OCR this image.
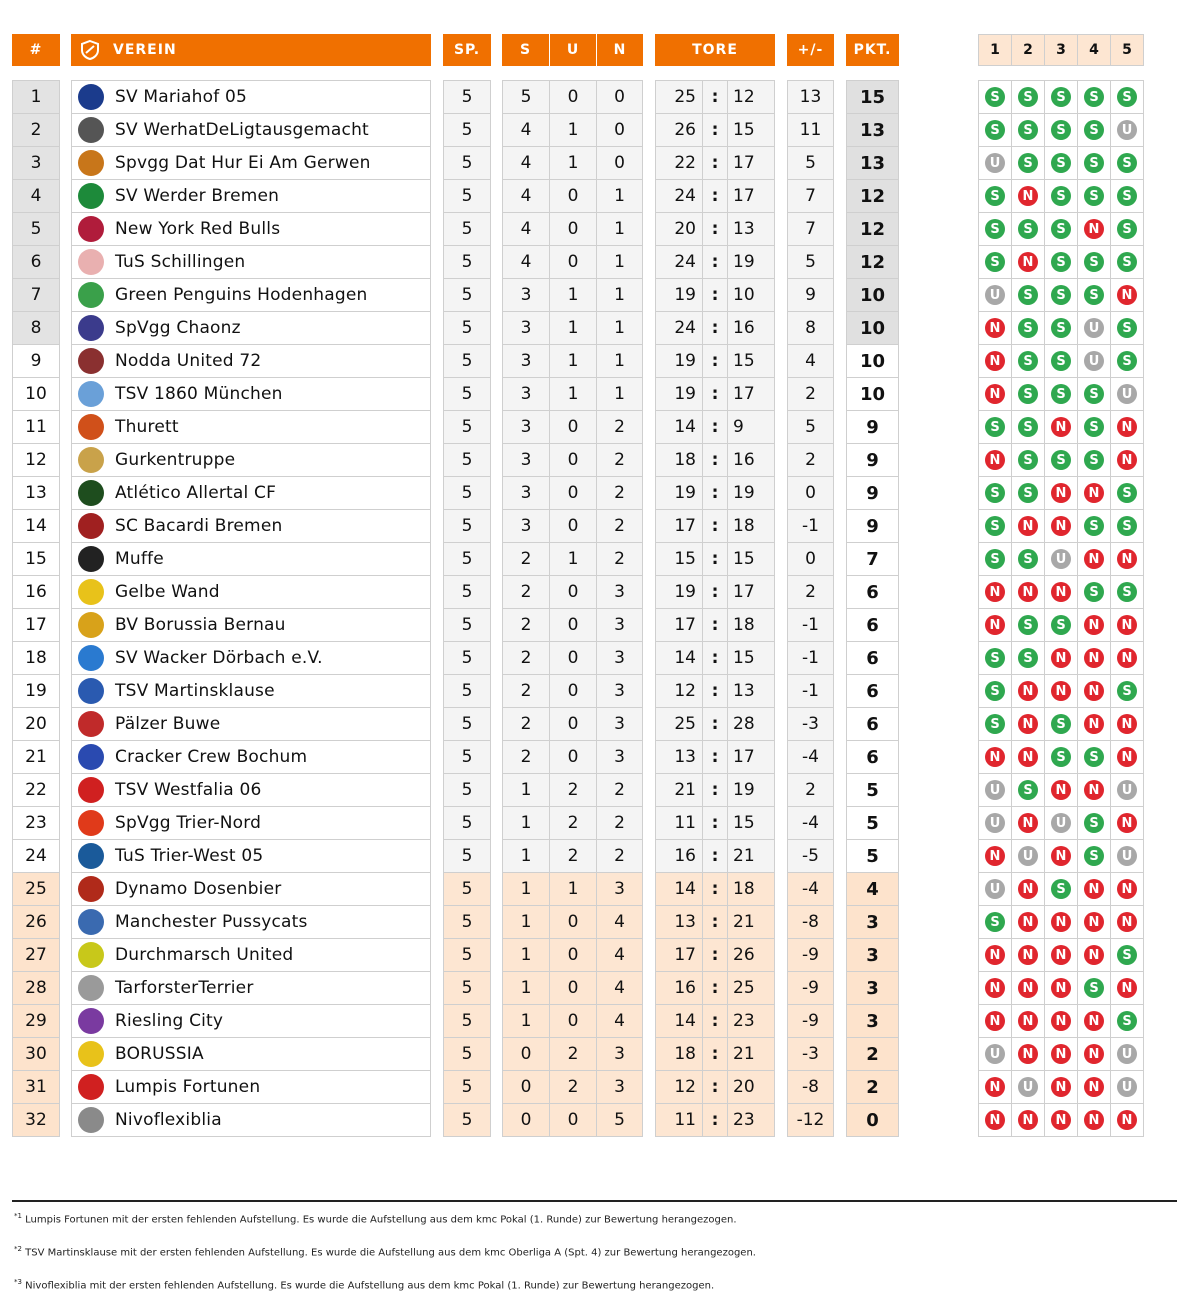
#	VEREIN	SP.	S	U	N	TORE	+/-	PKT.	1	2	3	4	5
1	SV Mariahof 05	5	5	0	0	25 : 12	13	15	S	S	S	S	S
2	SV WerhatDeLigtausgemacht	5	4	1	0	26 : 15	11	13	S	S	S	S	U
3	Spvgg Dat Hur Ei Am Gerwen	5	4	1	0	22 : 17	5	13	U	S	S	S	S
4	SV Werder Bremen	5	4	0	1	24 : 17	7	12	S	N	S	S	S
5	New York Red Bulls	5	4	0	1	20 : 13	7	12	S	S	S	N	S
6	TuS Schillingen	5	4	0	1	24 : 19	5	12	S	N	S	S	S
7	Green Penguins Hodenhagen	5	3	1	1	19 : 10	9	10	U	S	S	S	N
8	SpVgg Chaonz	5	3	1	1	24 : 16	8	10	N	S	S	U	S
9	Nodda United 72	5	3	1	1	19 : 15	4	10	N	S	S	U	S
10	TSV 1860 München	5	3	1	1	19 : 17	2	10	N	S	S	S	U
11	Thurett	5	3	0	2	14 : 9	5	9	S	S	N	S	N
12	Gurkentruppe	5	3	0	2	18 : 16	2	9	N	S	S	S	N
13	Atlético Allertal CF	5	3	0	2	19 : 19	0	9	S	S	N	N	S
14	SC Bacardi Bremen	5	3	0	2	17 : 18	-1	9	S	N	N	S	S
15	Muffe	5	2	1	2	15 : 15	0	7	S	S	U	N	N
16	Gelbe Wand	5	2	0	3	19 : 17	2	6	N	N	N	S	S
17	BV Borussia Bernau	5	2	0	3	17 : 18	-1	6	N	S	S	N	N
18	SV Wacker Dörbach e.V.	5	2	0	3	14 : 15	-1	6	S	S	N	N	N
19	TSV Martinsklause	5	2	0	3	12 : 13	-1	6	S	N	N	N	S
20	Pälzer Buwe	5	2	0	3	25 : 28	-3	6	S	N	S	N	N
21	Cracker Crew Bochum	5	2	0	3	13 : 17	-4	6	N	N	S	S	N
22	TSV Westfalia 06	5	1	2	2	21 : 19	2	5	U	S	N	N	U
23	SpVgg Trier-Nord	5	1	2	2	11 : 15	-4	5	U	N	U	S	N
24	TuS Trier-West 05	5	1	2	2	16 : 21	-5	5	N	U	N	S	U
25	Dynamo Dosenbier	5	1	1	3	14 : 18	-4	4	U	N	S	N	N
26	Manchester Pussycats	5	1	0	4	13 : 21	-8	3	S	N	N	N	N
27	Durchmarsch United	5	1	0	4	17 : 26	-9	3	N	N	N	N	S
28	TarforsterTerrier	5	1	0	4	16 : 25	-9	3	N	N	N	S	N
29	Riesling City	5	1	0	4	14 : 23	-9	3	N	N	N	N	S
30	BORUSSIA	5	0	2	3	18 : 21	-3	2	U	N	N	N	U
31	Lumpis Fortunen	5	0	2	3	12 : 20	-8	2	N	U	N	N	U
32	Nivoflexiblia	5	0	0	5	11 : 23	-12	0	N	N	N	N	N
$^{*1}$ Lumpis Fortunen mit der ersten fehlenden Aufstellung. Es wurde die Aufstellung aus dem kmc Pokal (1. Runde) zur Bewertung herangezogen.
$^{*2}$ TSV Martinsklause mit der ersten fehlenden Aufstellung. Es wurde die Aufstellung aus dem kmc Oberliga A (Spt. 4) zur Bewertung herangezogen.
$^{*3}$ Nivoflexiblia mit der ersten fehlenden Aufstellung. Es wurde die Aufstellung aus dem kmc Pokal (1. Runde) zur Bewertung herangezogen.
